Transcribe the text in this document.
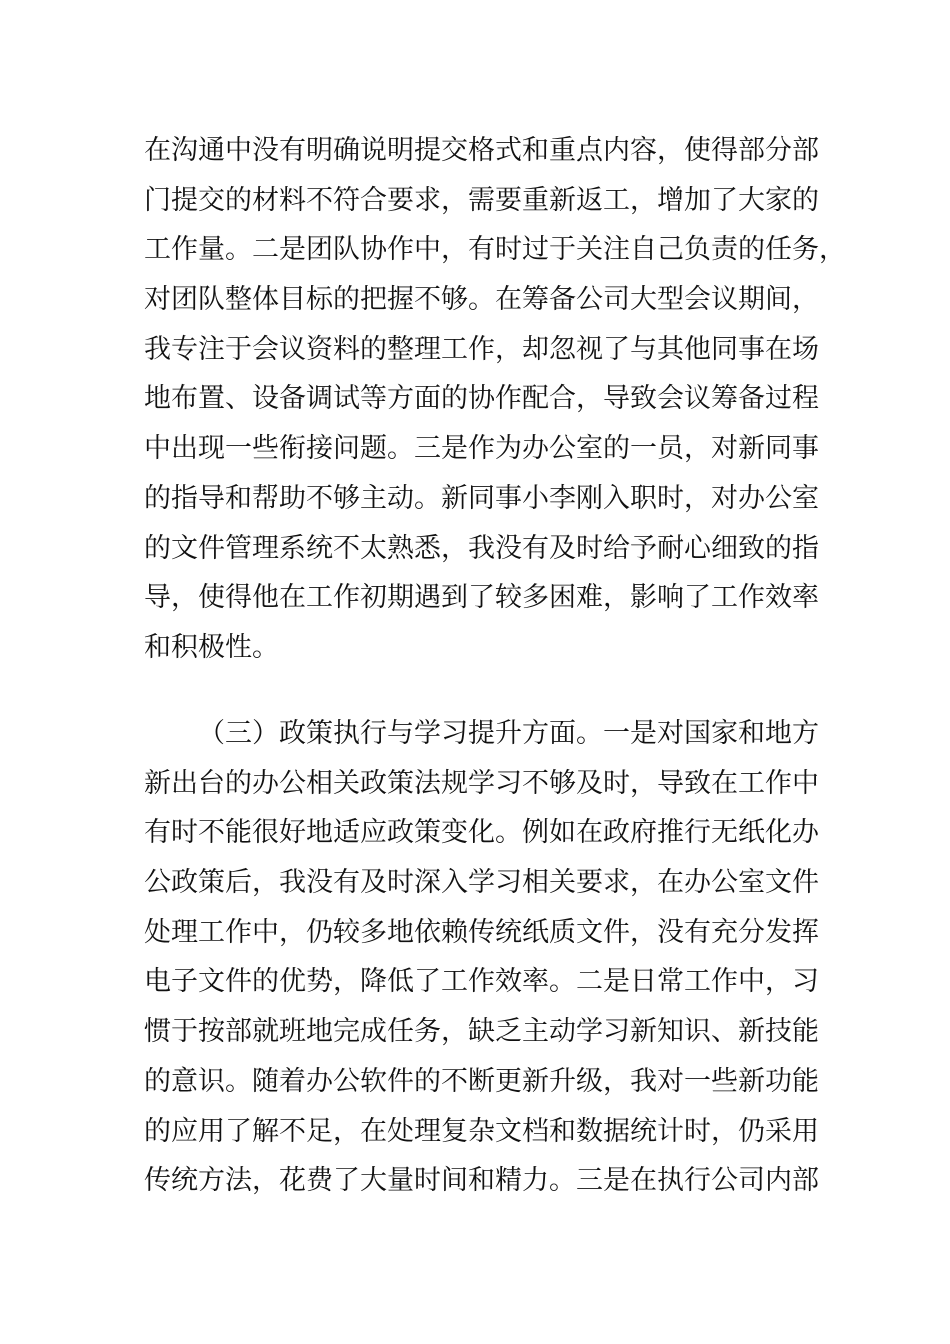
在沟通中没有明确说明提交格式和重点内容，使得部分部
门提交的材料不符合要求，需要重新返工，增加了大家的
工作量。二是团队协作中，有时过于关注自己负责的任务，
对团队整体目标的把握不够。在筹备公司大型会议期间，
我专注于会议资料的整理工作，却忽视了与其他同事在场
地布置、设备调试等方面的协作配合，导致会议筹备过程
中出现一些衔接问题。三是作为办公室的一员，对新同事
的指导和帮助不够主动。新同事小李刚入职时，对办公室
的文件管理系统不太熟悉，我没有及时给予耐心细致的指
导，使得他在工作初期遇到了较多困难，影响了工作效率
和积极性。
（三）政策执行与学习提升方面。一是对国家和地方
新出台的办公相关政策法规学习不够及时，导致在工作中
有时不能很好地适应政策变化。例如在政府推行无纸化办
公政策后，我没有及时深入学习相关要求，在办公室文件
处理工作中，仍较多地依赖传统纸质文件，没有充分发挥
电子文件的优势，降低了工作效率。二是日常工作中，习
惯于按部就班地完成任务，缺乏主动学习新知识、新技能
的意识。随着办公软件的不断更新升级，我对一些新功能
的应用了解不足，在处理复杂文档和数据统计时，仍采用
传统方法，花费了大量时间和精力。三是在执行公司内部
